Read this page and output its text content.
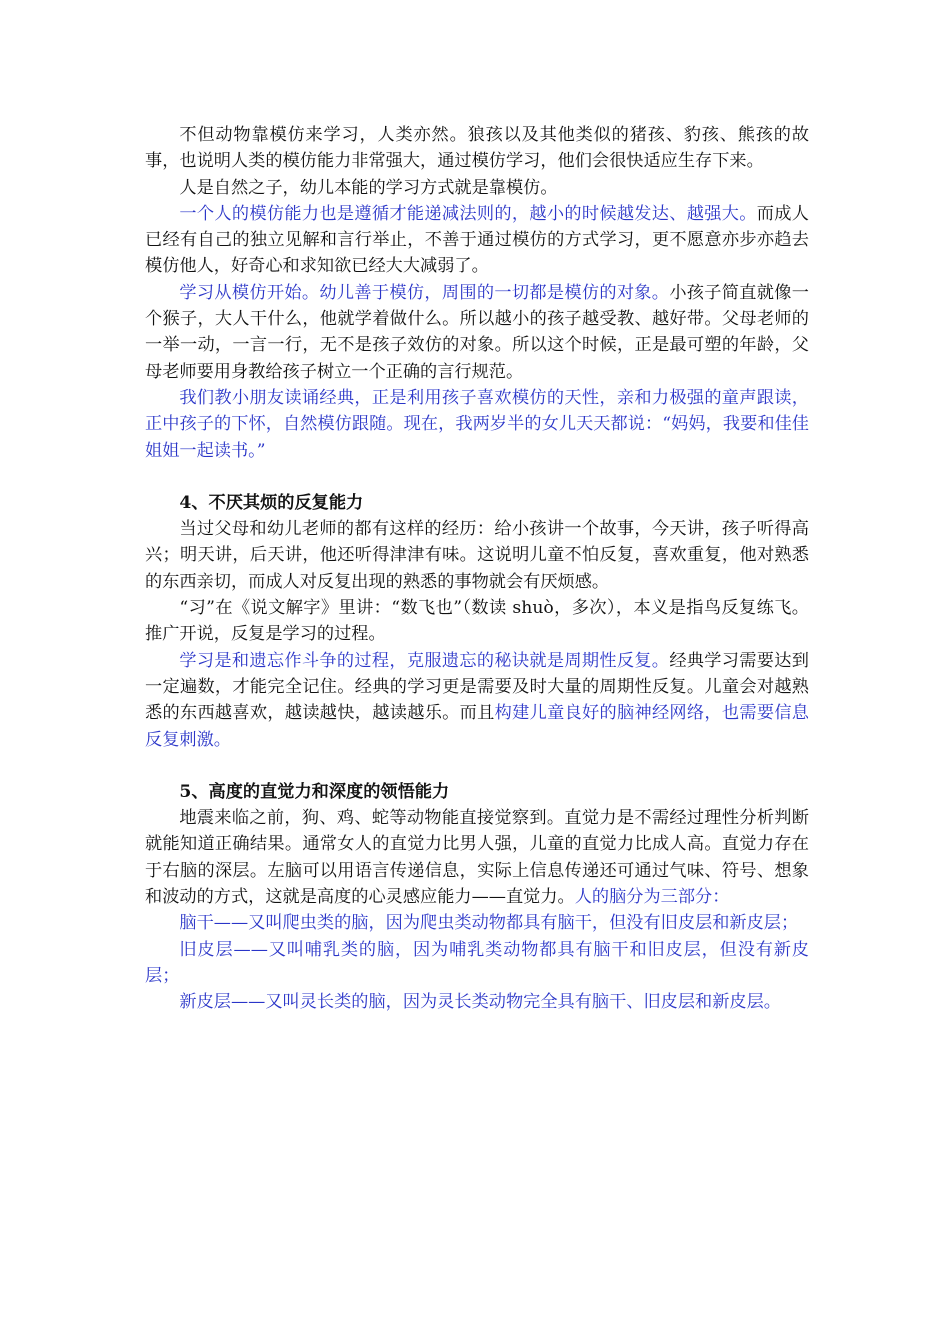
不但动物靠模仿来学习，人类亦然。狼孩以及其他类似的猪孩、豹孩、熊孩的故事，也说明人类的模仿能力非常强大，通过模仿学习，他们会很快适应生存下来。

人是自然之子，幼儿本能的学习方式就是靠模仿。

一个人的模仿能力也是遵循才能递减法则的，越小的时候越发达、越强大。而成人已经有自己的独立见解和言行举止，不善于通过模仿的方式学习，更不愿意亦步亦趋去模仿他人，好奇心和求知欲已经大大减弱了。

学习从模仿开始。幼儿善于模仿，周围的一切都是模仿的对象。小孩子简直就像一个猴子，大人干什么，他就学着做什么。所以越小的孩子越受教、越好带。父母老师的一举一动，一言一行，无不是孩子效仿的对象。所以这个时候，正是最可塑的年龄，父母老师要用身教给孩子树立一个正确的言行规范。

我们教小朋友读诵经典，正是利用孩子喜欢模仿的天性，亲和力极强的童声跟读，正中孩子的下怀，自然模仿跟随。现在，我两岁半的女儿天天都说：“妈妈，我要和佳佳姐姐一起读书。”

4、不厌其烦的反复能力

当过父母和幼儿老师的都有这样的经历：给小孩讲一个故事，今天讲，孩子听得高兴；明天讲，后天讲，他还听得津津有味。这说明儿童不怕反复，喜欢重复，他对熟悉的东西亲切，而成人对反复出现的熟悉的事物就会有厌烦感。

“习”在《说文解字》里讲：“数飞也”（数读 shuò，多次），本义是指鸟反复练飞。推广开说，反复是学习的过程。

学习是和遗忘作斗争的过程，克服遗忘的秘诀就是周期性反复。经典学习需要达到一定遍数，才能完全记住。经典的学习更是需要及时大量的周期性反复。儿童会对越熟悉的东西越喜欢，越读越快，越读越乐。而且构建儿童良好的脑神经网络，也需要信息反复刺激。

5、高度的直觉力和深度的领悟能力

地震来临之前，狗、鸡、蛇等动物能直接觉察到。直觉力是不需经过理性分析判断就能知道正确结果。通常女人的直觉力比男人强，儿童的直觉力比成人高。直觉力存在于右脑的深层。左脑可以用语言传递信息，实际上信息传递还可通过气味、符号、想象和波动的方式，这就是高度的心灵感应能力——直觉力。人的脑分为三部分：

脑干——又叫爬虫类的脑，因为爬虫类动物都具有脑干，但没有旧皮层和新皮层；

旧皮层——又叫哺乳类的脑，因为哺乳类动物都具有脑干和旧皮层，但没有新皮层；

新皮层——又叫灵长类的脑，因为灵长类动物完全具有脑干、旧皮层和新皮层。
